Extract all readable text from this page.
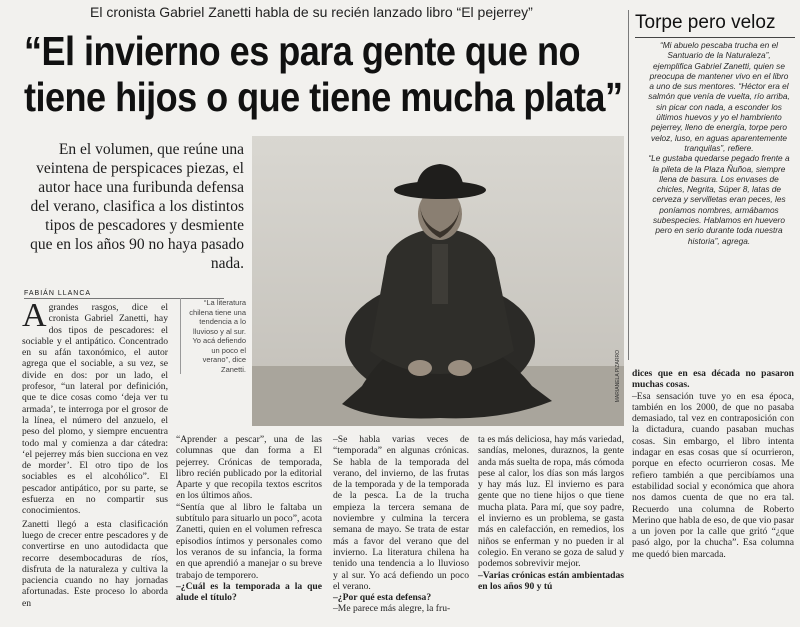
El cronista Gabriel Zanetti habla de su recién lanzado libro “El pejerrey”
“El invierno es para gente que no
tiene hijos o que tiene mucha plata”
En el volumen, que reúne una veintena de perspicaces piezas, el autor hace una furibunda defensa del verano, clasifica a los distintos tipos de pescadores y desmiente que en los años 90 no haya pasado nada.
FABIÁN LLANCA
MARIANELA PIZARRO
“La literatura chilena tiene una tendencia a lo lluvioso y al sur. Yo acá defiendo un poco el verano”, dice Zanetti.

Agrandes rasgos, dice el cronista Gabriel Zanetti, hay dos tipos de pescadores: el sociable y el antipático. Concentrado en su afán taxonómico, el autor agrega que el sociable, a su vez, se divide en dos: por un lado, el profesor, “un lateral por definición, que te dice cosas como ‘deja ver tu armada’, te interroga por el grosor de la línea, el número del anzuelo, el peso del plomo, y siempre encuentra todo mal y comienza a dar cátedra: ‘el pejerrey más bien succiona en vez de morder’. El otro tipo de los sociables es el alcohólico”. El pescador antipático, por su parte, se esfuerza en no compartir sus conocimientos.

Zanetti llegó a esta clasificación luego de crecer entre pescadores y de convertirse en uno autodidacta que recorre desembocaduras de ríos, disfruta de la naturaleza y cultiva la paciencia cuando no hay jornadas afortunadas. Este proceso lo aborda en

“Aprender a pescar”, una de las columnas que dan forma a El pejerrey. Crónicas de temporada, libro recién publicado por la editorial Aparte y que recopila textos escritos en los últimos años.

“Sentía que al libro le faltaba un subtítulo para situarlo un poco”, acota Zanetti, quien en el volumen refresca episodios íntimos y personales como los veranos de su infancia, la forma en que aprendió a manejar o su breve trabajo de temporero.

–¿Cuál es la temporada a la que alude el título?

–Se habla varias veces de “temporada” en algunas crónicas. Se habla de la temporada del verano, del invierno, de las frutas de la temporada y de la temporada de la pesca. La de la trucha empieza la tercera semana de noviembre y culmina la tercera semana de mayo. Se trata de estar más a favor del verano que del invierno. La literatura chilena ha tenido una tendencia a lo lluvioso y al sur. Yo acá defiendo un poco el verano.

–¿Por qué esta defensa?

–Me parece más alegre, la fru-

ta es más deliciosa, hay más variedad, sandías, melones, duraznos, la gente anda más suelta de ropa, más cómoda pese al calor, los días son más largos y hay más luz. El invierno es para gente que no tiene hijos o que tiene mucha plata. Para mí, que soy padre, el invierno es un problema, se gasta más en calefacción, en remedios, los niños se enferman y no pueden ir al colegio. En verano se goza de salud y podemos sobrevivir mejor.

–Varias crónicas están ambientadas en los años 90 y tú

dices que en esa década no pasaron muchas cosas.

–Esa sensación tuve yo en esa época, también en los 2000, de que no pasaba demasiado, tal vez en contraposición con la dictadura, cuando pasaban muchas cosas. Sin embargo, el libro intenta indagar en esas cosas que sí ocurrieron, porque en efecto ocurrieron cosas. Me refiero también a que percibíamos una estabilidad social y económica que ahora nos damos cuenta de que no era tal. Recuerdo una columna de Roberto Merino que habla de eso, de que vio pasar a un joven por la calle que gritó “¿que pasó algo, por la chucha”. Esa columna me quedó bien marcada.

Torpe pero veloz

“Mi abuelo pescaba trucha en el Santuario de la Naturaleza”, ejemplifica Gabriel Zanetti, quien se preocupa de mantener vivo en el libro a uno de sus mentores. “Héctor era el salmón que venía de vuelta, río arriba, sin picar con nada, a esconder los últimos huevos y yo el hambriento pejerrey, lleno de energía, torpe pero veloz, luso, en aguas aparentemente tranquilas”, refiere.

“Le gustaba quedarse pegado frente a la pileta de la Plaza Ñuñoa, siempre llena de basura. Los envases de chicles, Negrita, Súper 8, latas de cerveza y servilletas eran peces, les poníamos nombres, armábamos subespecies. Hablamos en huevero pero en serio durante toda nuestra historia”, agrega.
